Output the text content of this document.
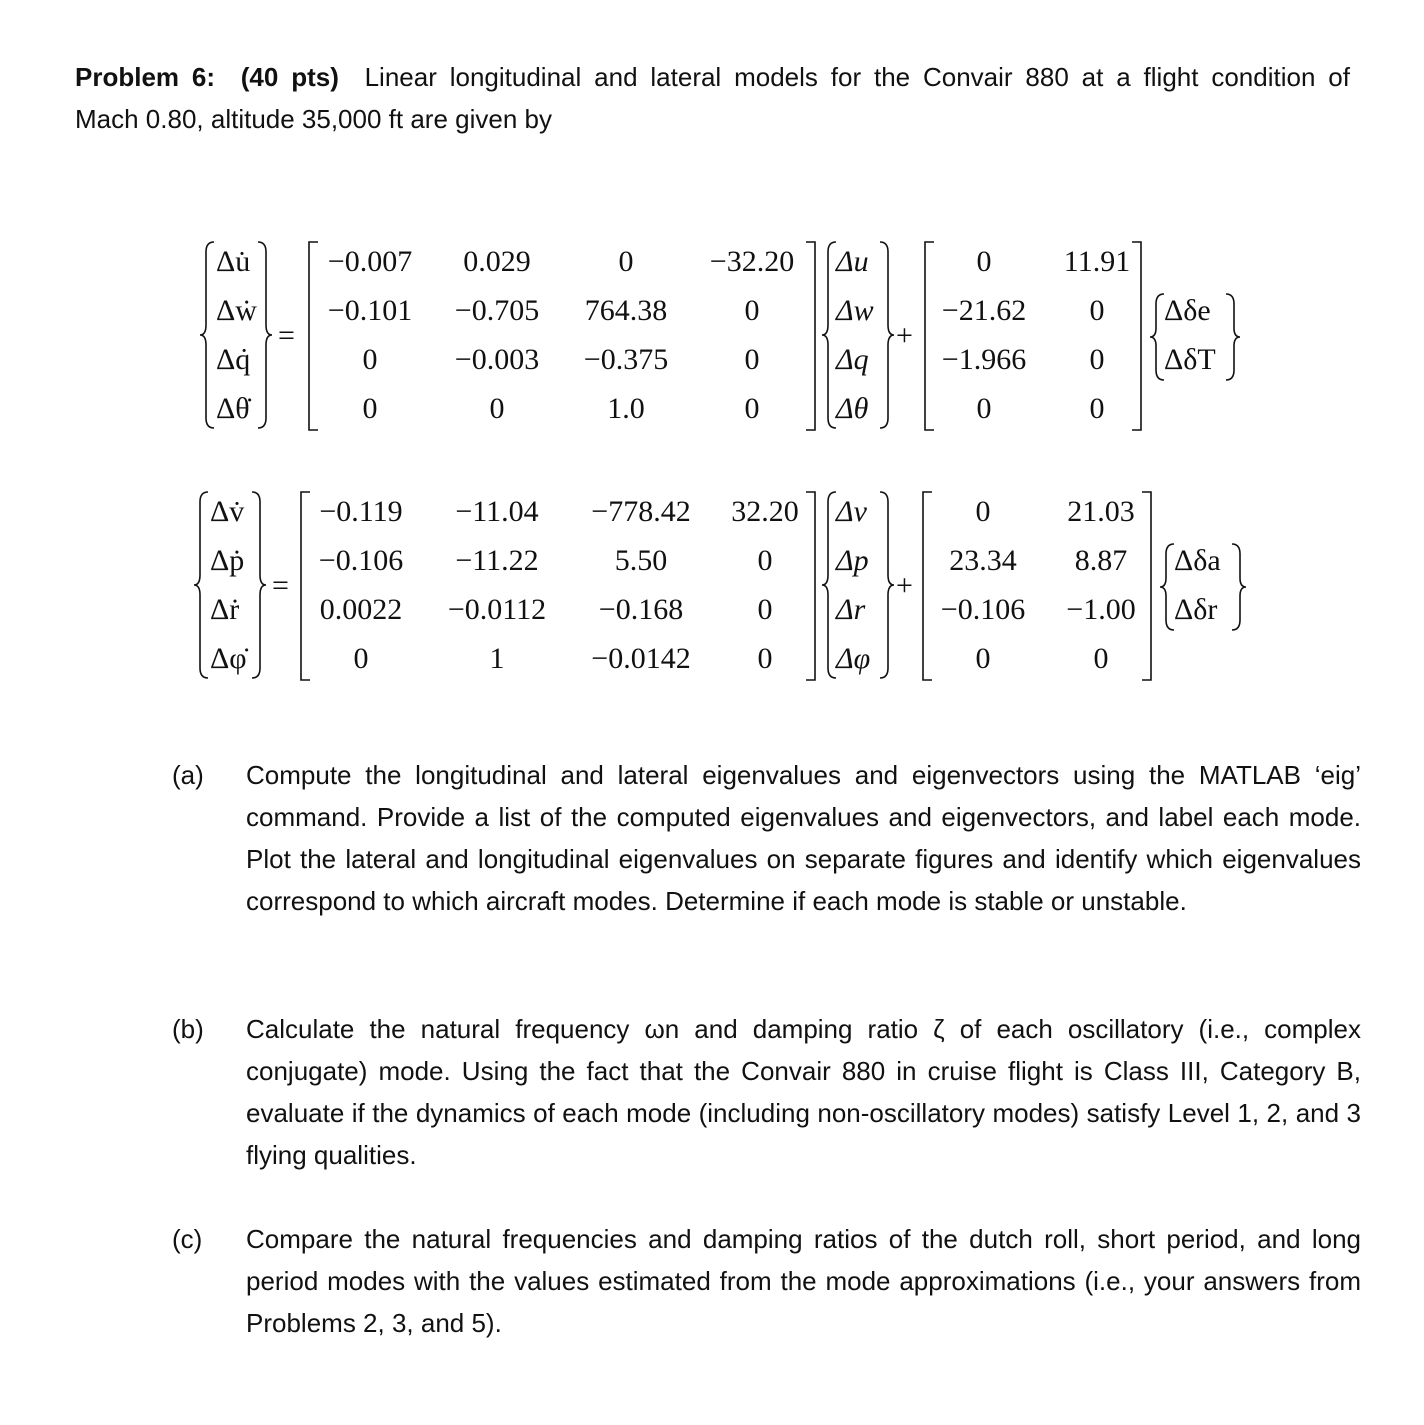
Problem 6: (40 pts) Linear longitudinal and lateral models for the Convair 880 at a flight condition of
Mach 0.80, altitude 35,000 ft are given by
Δu̇
Δẇ
Δq̇
Δθ̇
=
−0.007 0.029	0	−32.20
−0.101 −0.705 764.38	0
0	−0.003 −0.375	0
0	0	1.0	0
Δu
Δw
Δq
Δθ
+
0 11.91
−21.62 0
−1.966 0
0	0
Δδe
ΔδT
Δv̇
Δṗ
Δṙ
Δφ̇
=
−0.119 −11.04 −778.42 32.20
−0.106 −11.22	5.50	0
0.0022 −0.0112 −0.168 0
0	1	−0.0142 0
Δv
Δp
Δr
Δφ
+
0	21.03
23.34 8.87
−0.106 −1.00
0	0
Δδa
Δδr
(a) Compute the longitudinal and lateral eigenvalues and eigenvectors using the MATLAB ‘eig’ command. Provide a list of the computed eigenvalues and eigenvectors, and label each mode. Plot the lateral and longitudinal eigenvalues on separate figures and identify which eigenvalues correspond to which aircraft modes. Determine if each mode is stable or unstable.
(b) Calculate the natural frequency ωn and damping ratio ζ of each oscillatory (i.e., complex conjugate) mode. Using the fact that the Convair 880 in cruise flight is Class III, Category B, evaluate if the dynamics of each mode (including non-oscillatory modes) satisfy Level 1, 2, and 3 flying qualities.
(c) Compare the natural frequencies and damping ratios of the dutch roll, short period, and long period modes with the values estimated from the mode approximations (i.e., your answers from Problems 2, 3, and 5).
